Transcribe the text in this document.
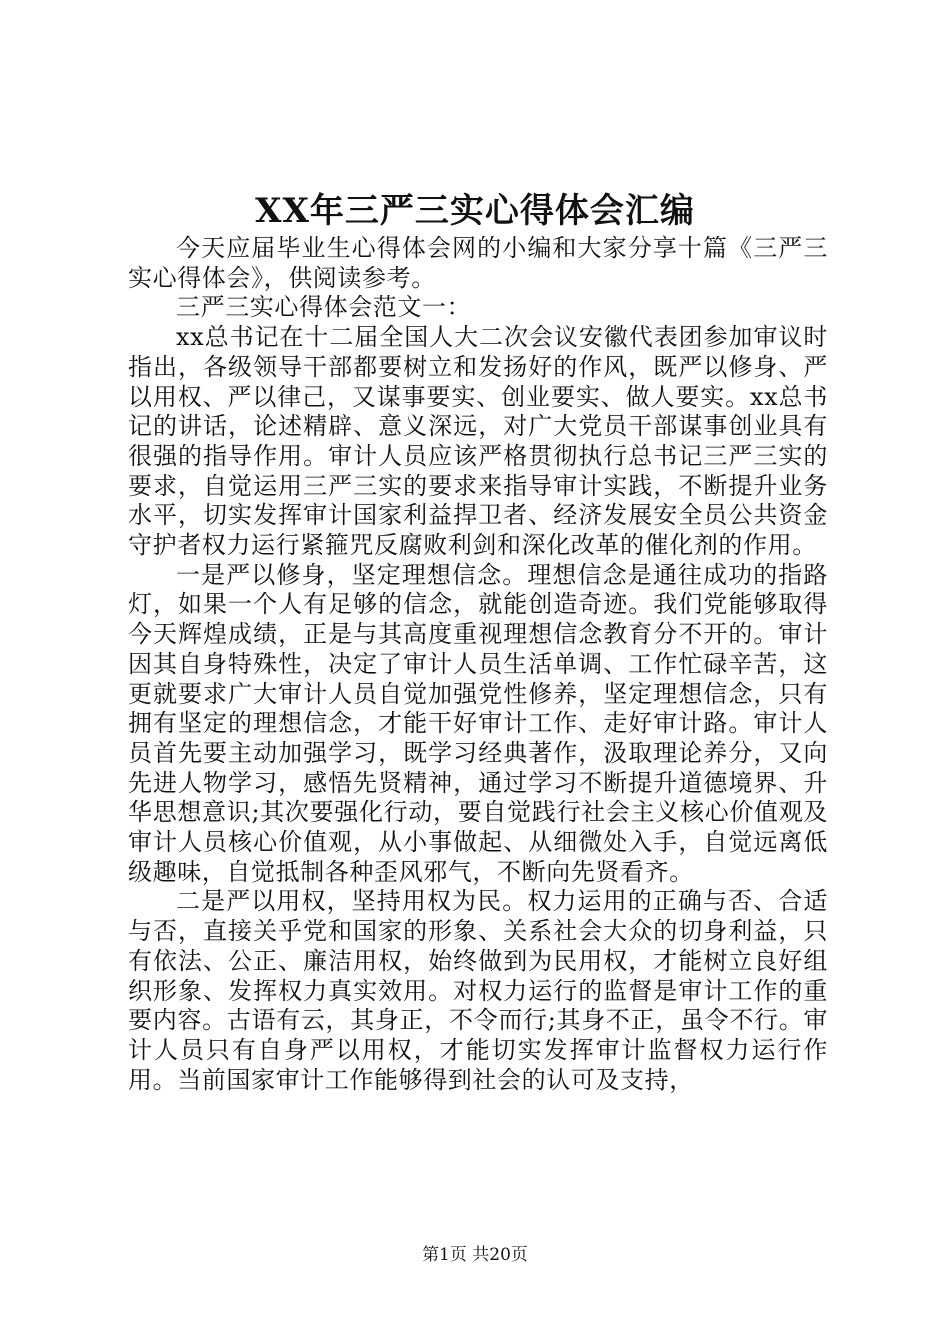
XX年三严三实心得体会汇编

今天应届毕业生心得体会网的小编和大家分享十篇《三严三实心得体会》，供阅读参考。

三严三实心得体会范文一：

xx总书记在十二届全国人大二次会议安徽代表团参加审议时指出，各级领导干部都要树立和发扬好的作风，既严以修身、严以用权、严以律己，又谋事要实、创业要实、做人要实。xx总书记的讲话，论述精辟、意义深远，对广大党员干部谋事创业具有很强的指导作用。审计人员应该严格贯彻执行总书记三严三实的要求，自觉运用三严三实的要求来指导审计实践，不断提升业务水平，切实发挥审计国家利益捍卫者、经济发展安全员公共资金守护者权力运行紧箍咒反腐败利剑和深化改革的催化剂的作用。

一是严以修身，坚定理想信念。理想信念是通往成功的指路灯，如果一个人有足够的信念，就能创造奇迹。我们党能够取得今天辉煌成绩，正是与其高度重视理想信念教育分不开的。审计因其自身特殊性，决定了审计人员生活单调、工作忙碌辛苦，这更就要求广大审计人员自觉加强党性修养，坚定理想信念，只有拥有坚定的理想信念，才能干好审计工作、走好审计路。审计人员首先要主动加强学习，既学习经典著作，汲取理论养分，又向先进人物学习，感悟先贤精神，通过学习不断提升道德境界、升华思想意识;其次要强化行动，要自觉践行社会主义核心价值观及审计人员核心价值观，从小事做起、从细微处入手，自觉远离低级趣味，自觉抵制各种歪风邪气，不断向先贤看齐。

二是严以用权，坚持用权为民。权力运用的正确与否、合适与否，直接关乎党和国家的形象、关系社会大众的切身利益，只有依法、公正、廉洁用权，始终做到为民用权，才能树立良好组织形象、发挥权力真实效用。对权力运行的监督是审计工作的重要内容。古语有云，其身正，不令而行;其身不正，虽令不行。审计人员只有自身严以用权，才能切实发挥审计监督权力运行作用。当前国家审计工作能够得到社会的认可及支持，

第1页 共20页
